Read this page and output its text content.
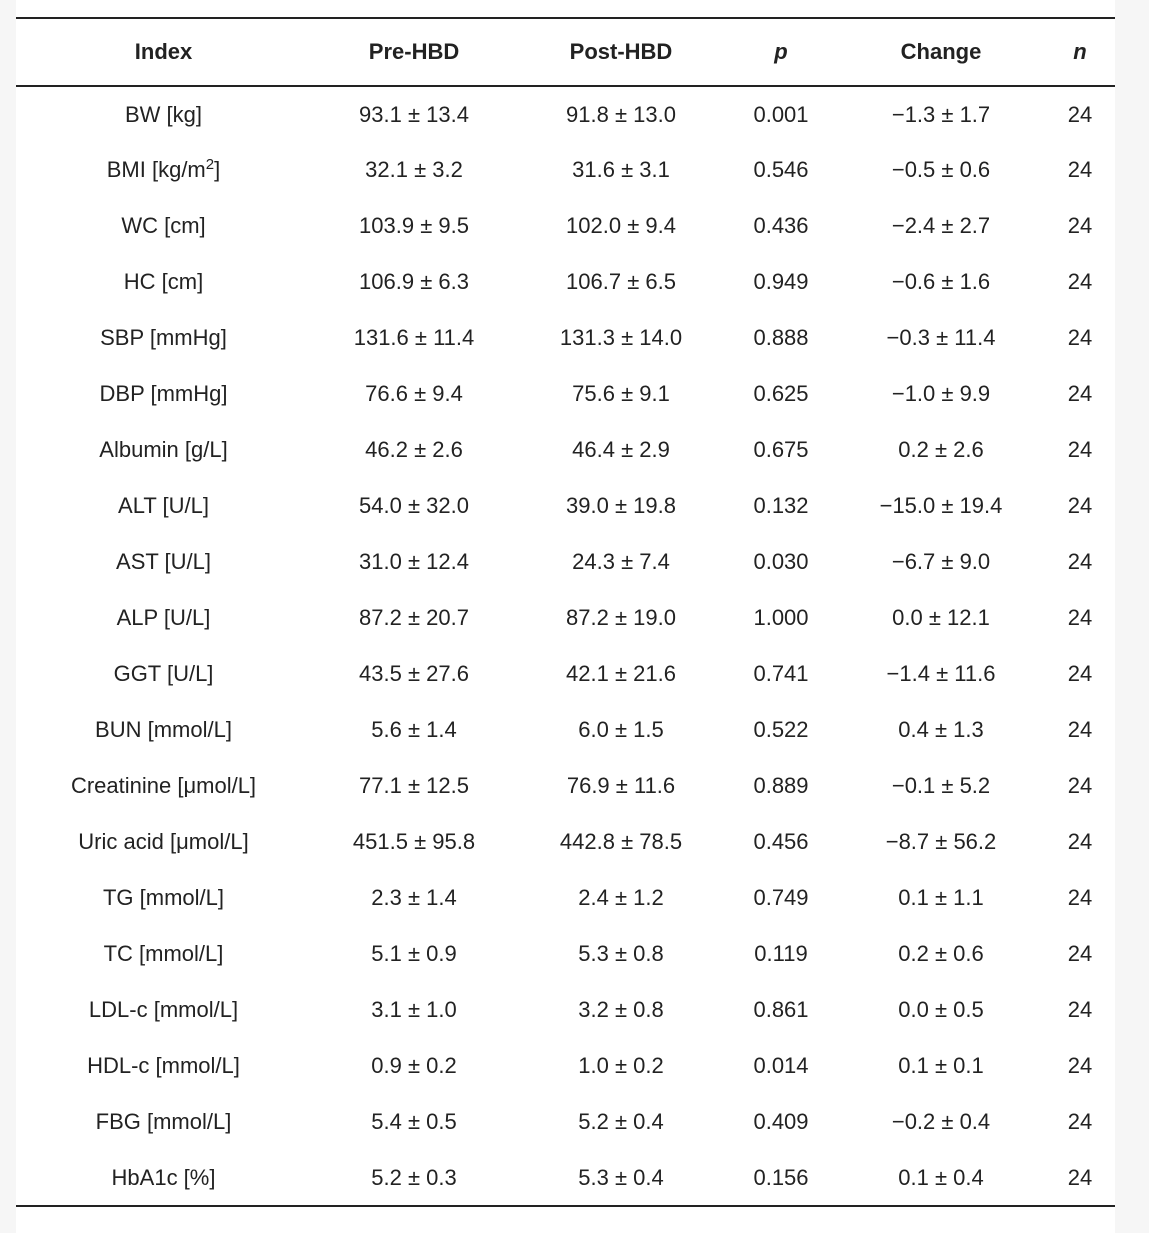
Index	Pre-HBD	Post-HBD	p	Change	n
BW [kg]	93.1 ± 13.4	91.8 ± 13.0	0.001	−1.3 ± 1.7	24
BMI $[kg/m^2]$	32.1 ± 3.2	31.6 ± 3.1	0.546	−0.5 ± 0.6	24
WC [cm]	103.9 ± 9.5	102.0 ± 9.4	0.436	−2.4 ± 2.7	24
HC [cm]	106.9 ± 6.3	106.7 ± 6.5	0.949	−0.6 ± 1.6	24
SBP [mmHg]	131.6 ± 11.4	131.3 ± 14.0	0.888	−0.3 ± 11.4	24
DBP [mmHg]	76.6 ± 9.4	75.6 ± 9.1	0.625	−1.0 ± 9.9	24
Albumin [g/L]	46.2 ± 2.6	46.4 ± 2.9	0.675	0.2 ± 2.6	24
ALT [U/L]	54.0 ± 32.0	39.0 ± 19.8	0.132	−15.0 ± 19.4	24
AST [U/L]	31.0 ± 12.4	24.3 ± 7.4	0.030	−6.7 ± 9.0	24
ALP [U/L]	87.2 ± 20.7	87.2 ± 19.0	1.000	0.0 ± 12.1	24
GGT [U/L]	43.5 ± 27.6	42.1 ± 21.6	0.741	−1.4 ± 11.6	24
BUN [mmol/L]	5.6 ± 1.4	6.0 ± 1.5	0.522	0.4 ± 1.3	24
Creatinine [μmol/L]	77.1 ± 12.5	76.9 ± 11.6	0.889	−0.1 ± 5.2	24
Uric acid [μmol/L]	451.5 ± 95.8	442.8 ± 78.5	0.456	−8.7 ± 56.2	24
TG [mmol/L]	2.3 ± 1.4	2.4 ± 1.2	0.749	0.1 ± 1.1	24
TC [mmol/L]	5.1 ± 0.9	5.3 ± 0.8	0.119	0.2 ± 0.6	24
LDL-c [mmol/L]	3.1 ± 1.0	3.2 ± 0.8	0.861	0.0 ± 0.5	24
HDL-c [mmol/L]	0.9 ± 0.2	1.0 ± 0.2	0.014	0.1 ± 0.1	24
FBG [mmol/L]	5.4 ± 0.5	5.2 ± 0.4	0.409	−0.2 ± 0.4	24
HbA1c [%]	5.2 ± 0.3	5.3 ± 0.4	0.156	0.1 ± 0.4	24
